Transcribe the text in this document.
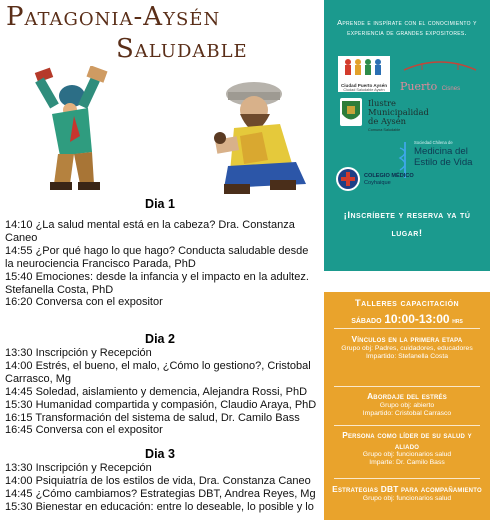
Patagonia-Aysén
Saludable
Dia 1

14:10 ¿La salud mental está en la cabeza? Dra. Constanza Caneo

14:55 ¿Por qué hago lo que hago? Conducta saludable desde la neurociencia Francisco Parada, PhD

15:40 Emociones: desde la infancia y el impacto en la adultez. Stefanella Costa, PhD

16:20 Conversa con el expositor

Dia 2

13:30 Inscripción y Recepción

14:00 Estrés, el bueno, el malo, ¿Cómo lo gestiono?, Cristobal Carrasco, Mg

14:45 Soledad, aislamiento y demencia, Alejandra Rossi, PhD

15:30 Humanidad compartida y compasión, Claudio Araya, PhD

16:15 Transformación del sistema de salud, Dr. Camilo Bass

16:45 Conversa con el expositor

Dia 3

13:30 Inscripción y Recepción

14:00 Psiquiatría de los estilos de vida, Dra. Constanza Caneo

14:45 ¿Cómo cambiamos? Estrategias DBT, Andrea Reyes, Mg

15:30 Bienestar en educación: entre lo deseable, lo posible y lo

Aprende e inspírate con el conocimiento y experiencia de grandes expositores.
Ciudad Puerto Aysén
Ciudad Saludable Aysén	Puerto Cisnes
Ilustre
Municipalidad
de Aysén
Comuna Saludable
Sociedad Chilena de
Medicina del
Estilo de Vida
COLEGIO MÉDICO
Coyhaique
¡Inscríbete y reserva ya tú lugar!
Talleres capacitación
sábado 10:00-13:00 hrs
Vínculos en la primera etapa
Grupo obj: Padres, cuidadores, educadores
Impartido: Stefanella Costa
Abordaje del estrés
Grupo obj: abierto
Impartido: Cristobal Carrasco
Persona como líder de su salud y aliado
Grupo obj: funcionarios salud
Imparte: Dr. Camilo Bass
Estrategias DBT para acompañamiento
Grupo obj: funcionarios salud
